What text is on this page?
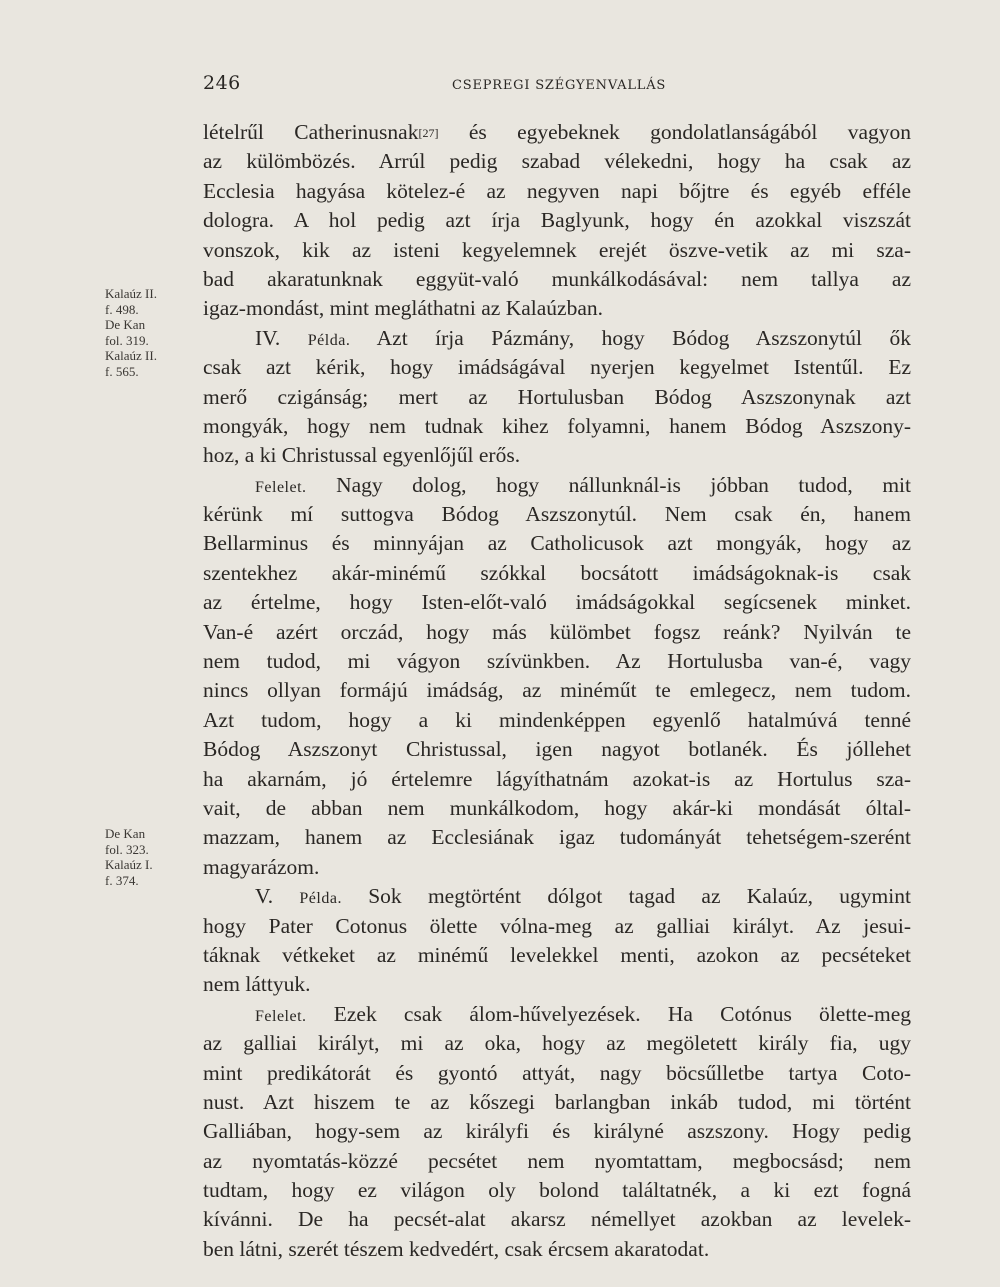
246	CSEPREGI SZÉGYENVALLÁS
Kalaúz II.
f. 498.
De Kan
fol. 319.
Kalaúz II.
f. 565.
De Kan
fol. 323.
Kalaúz I.
f. 374.
lételrűl Catherinusnak[27] és egyebeknek gondolatlanságából vagyon
az külömbözés. Arrúl pedig szabad vélekedni, hogy ha csak az
Ecclesia hagyása kötelez-é az negyven napi bőjtre és egyéb efféle
dologra. A hol pedig azt írja Baglyunk, hogy én azokkal viszszát
vonszok, kik az isteni kegyelemnek erejét öszve-vetik az mi sza-
bad akaratunknak eggyüt-való munkálkodásával: nem tallya az
igaz-mondást, mint megláthatni az Kalaúzban.
IV. Példa. Azt írja Pázmány, hogy Bódog Aszszonytúl ők
csak azt kérik, hogy imádságával nyerjen kegyelmet Istentűl. Ez
merő czigánság; mert az Hortulusban Bódog Aszszonynak azt
mongyák, hogy nem tudnak kihez folyamni, hanem Bódog Aszszony-
hoz, a ki Christussal egyenlőjűl erős.
Felelet. Nagy dolog, hogy nállunknál-is jóbban tudod, mit
kérünk mí suttogva Bódog Aszszonytúl. Nem csak én, hanem
Bellarminus és minnyájan az Catholicusok azt mongyák, hogy az
szentekhez akár-minémű szókkal bocsátott imádságoknak-is csak
az értelme, hogy Isten-előt-való imádságokkal segícsenek minket.
Van-é azért orczád, hogy más külömbet fogsz reánk? Nyilván te
nem tudod, mi vágyon szívünkben. Az Hortulusba van-é, vagy
nincs ollyan formájú imádság, az minéműt te emlegecz, nem tudom.
Azt tudom, hogy a ki mindenképpen egyenlő hatalmúvá tenné
Bódog Aszszonyt Christussal, igen nagyot botlanék. És jóllehet
ha akarnám, jó értelemre lágyíthatnám azokat-is az Hortulus sza-
vait, de abban nem munkálkodom, hogy akár-ki mondását óltal-
mazzam, hanem az Ecclesiának igaz tudományát tehetségem-szerént
magyarázom.
V. Példa. Sok megtörtént dólgot tagad az Kalaúz, ugymint
hogy Pater Cotonus ölette vólna-meg az galliai királyt. Az jesui-
táknak vétkeket az minémű levelekkel menti, azokon az pecséteket
nem láttyuk.
Felelet. Ezek csak álom-hűvelyezések. Ha Cotónus ölette-meg
az galliai királyt, mi az oka, hogy az megöletett király fia, ugy
mint predikátorát és gyontó attyát, nagy böcsűlletbe tartya Coto-
nust. Azt hiszem te az kőszegi barlangban inkáb tudod, mi történt
Galliában, hogy-sem az királyfi és királyné aszszony. Hogy pedig
az nyomtatás-közzé pecsétet nem nyomtattam, megbocsásd; nem
tudtam, hogy ez világon oly bolond találtatnék, a ki ezt fogná
kívánni. De ha pecsét-alat akarsz némellyet azokban az levelek-
ben látni, szerét tészem kedvedért, csak ércsem akaratodat.
